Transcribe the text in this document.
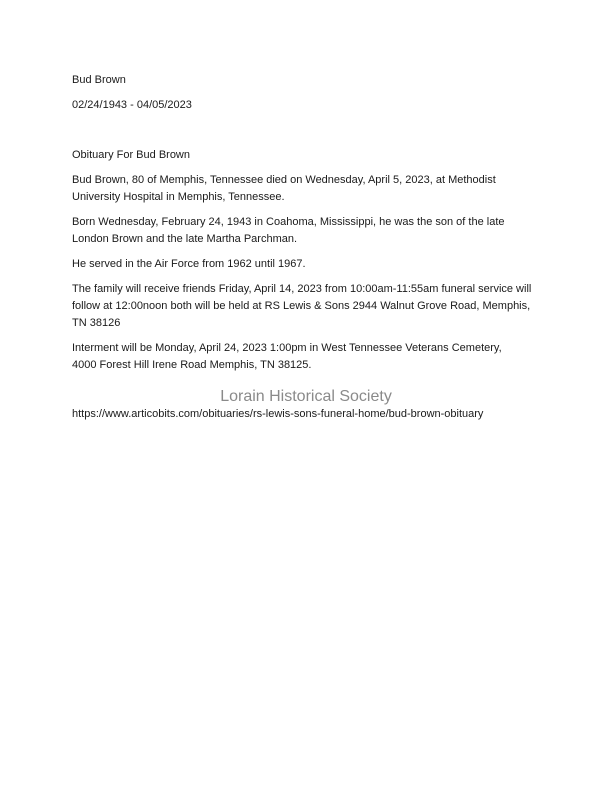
Bud Brown

02/24/1943 - 04/05/2023

Obituary For Bud Brown

Bud Brown, 80 of Memphis, Tennessee died on Wednesday, April 5, 2023, at Methodist University Hospital in Memphis, Tennessee.

Born Wednesday, February 24, 1943 in Coahoma, Mississippi, he was the son of the late London Brown and the late Martha Parchman.

He served in the Air Force from 1962 until 1967.

The family will receive friends Friday, April 14, 2023 from 10:00am-11:55am funeral service will follow at 12:00noon both will be held at RS Lewis & Sons 2944 Walnut Grove Road, Memphis, TN 38126

Interment will be Monday, April 24, 2023 1:00pm in West Tennessee Veterans Cemetery, 4000 Forest Hill Irene Road Memphis, TN 38125.

Lorain Historical Society
https://www.articobits.com/obituaries/rs-lewis-sons-funeral-home/bud-brown-obituary
